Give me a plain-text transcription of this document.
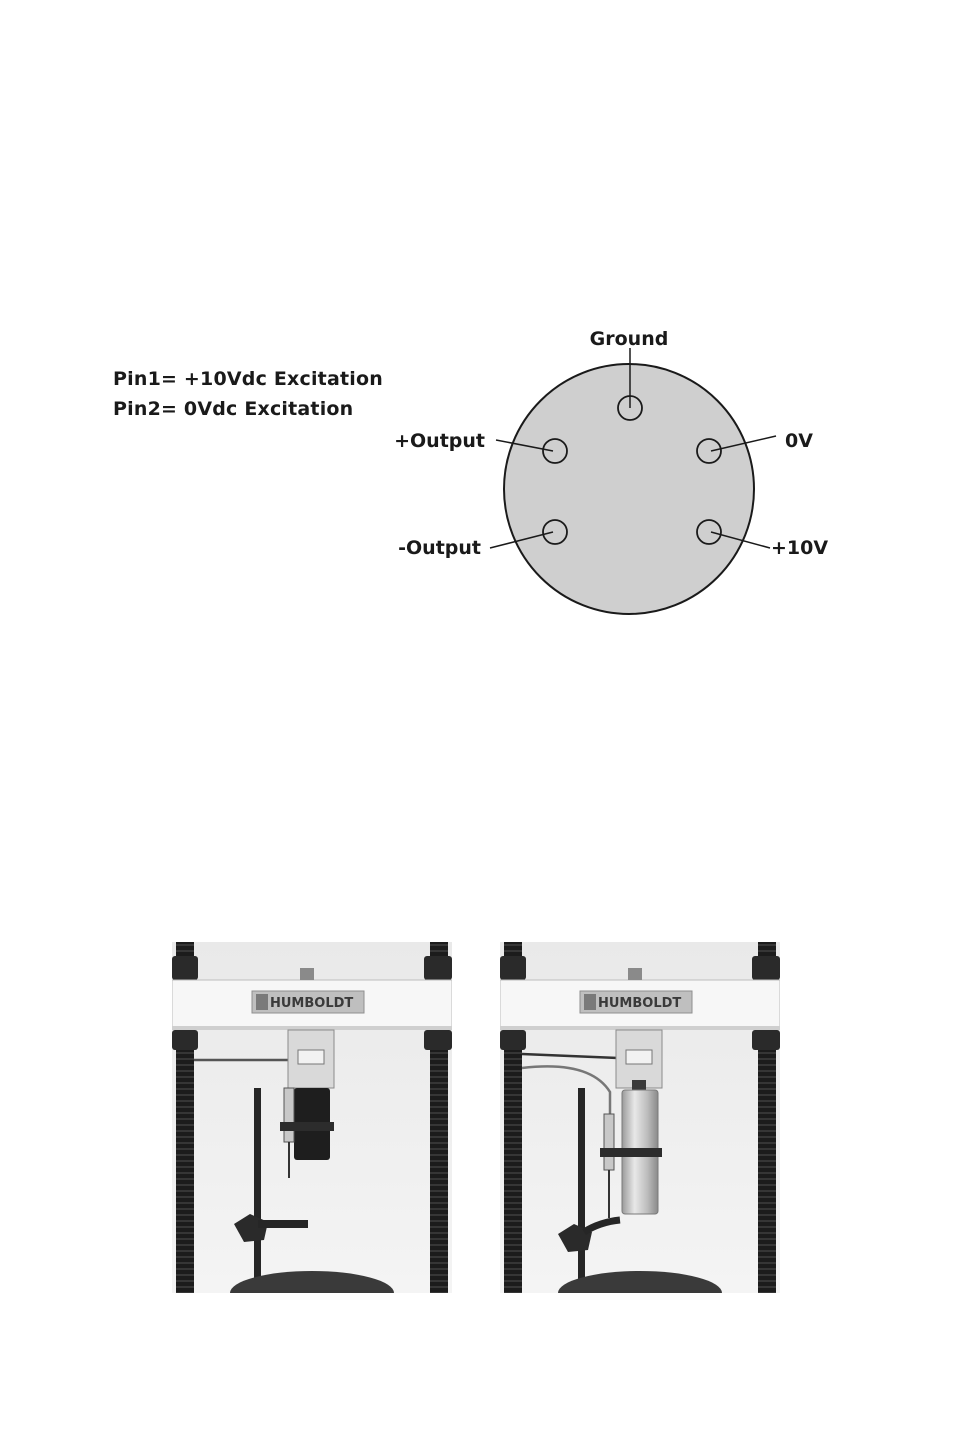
Pin1= +10Vdc Excitation
Pin2= 0Vdc Excitation
Ground
+Output	0V
-Output	+10V
HUMBOLDT	HUMBOLDT
